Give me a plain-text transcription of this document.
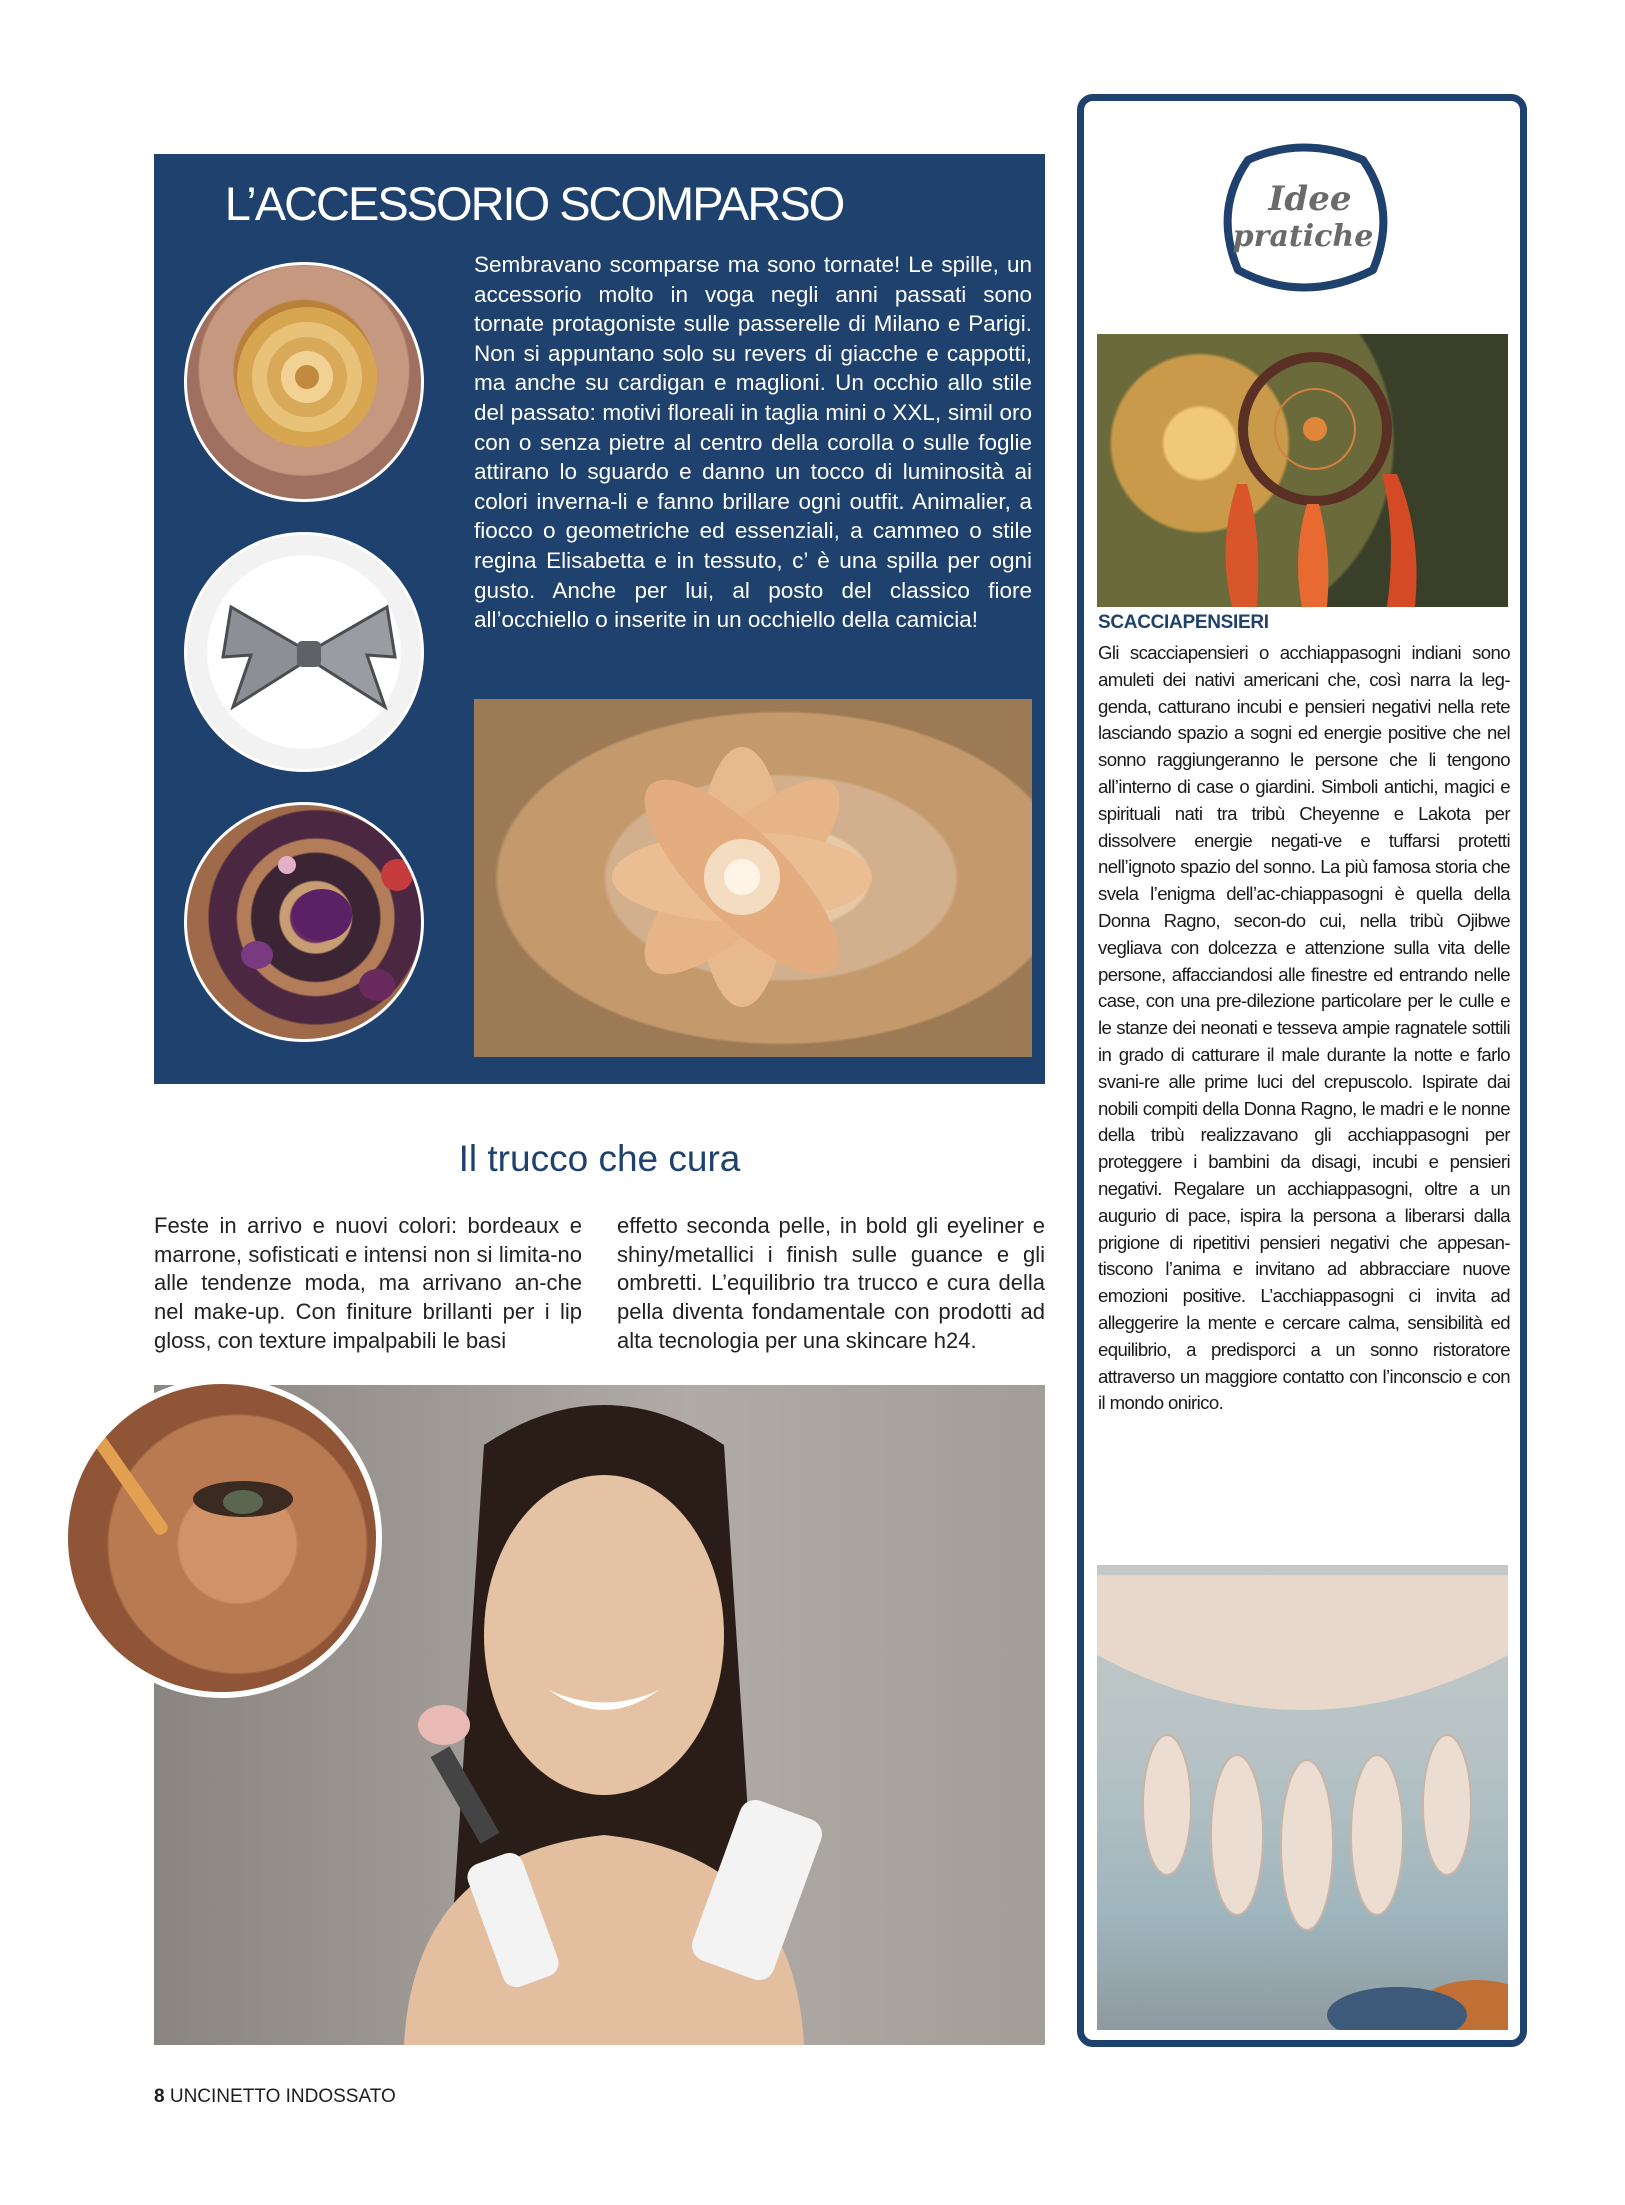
L’ACCESSORIO SCOMPARSO

Sembravano scomparse ma sono tornate! Le spille, un accessorio molto in voga negli anni passati sono tornate protagoniste sulle passerelle di Milano e Parigi. Non si appuntano solo su revers di giacche e cappotti, ma anche su cardigan e maglioni. Un occhio allo stile del passato: motivi floreali in taglia mini o XXL, simil oro con o senza pietre al centro della corolla o sulle foglie attirano lo sguardo e danno un tocco di luminosità ai colori inverna-li e fanno brillare ogni outfit. Animalier, a fiocco o geometriche ed essenziali, a cammeo o stile regina Elisabetta e in tessuto, c’ è una spilla per ogni gusto. Anche per lui, al posto del classico fiore all’occhiello o inserite in un occhiello della camicia!

Il trucco che cura

Feste in arrivo e nuovi colori: bordeaux e marrone, sofisticati e intensi non si limita-no alle tendenze moda, ma arrivano an-che nel make-up. Con finiture brillanti per i lip gloss, con texture impalpabili le basi

effetto seconda pelle, in bold gli eyeliner e shiny/metallici i finish sulle guance e gli ombretti. L’equilibrio tra trucco e cura della pella diventa fondamentale con prodotti ad alta tecnologia per una skincare h24.

Idee
pratiche
SCACCIAPENSIERI

Gli scacciapensieri o acchiappasogni indiani sono amuleti dei nativi americani che, così narra la leg-genda, catturano incubi e pensieri negativi nella rete lasciando spazio a sogni ed energie positive che nel sonno raggiungeranno le persone che li tengono all’interno di case o giardini. Simboli antichi, magici e spirituali nati tra tribù Cheyenne e Lakota per dissolvere energie negati-ve e tuffarsi protetti nell’ignoto spazio del sonno. La più famosa storia che svela l’enigma dell’ac-chiappasogni è quella della Donna Ragno, secon-do cui, nella tribù Ojibwe vegliava con dolcezza e attenzione sulla vita delle persone, affacciandosi alle finestre ed entrando nelle case, con una pre-dilezione particolare per le culle e le stanze dei neonati e tesseva ampie ragnatele sottili in grado di catturare il male durante la notte e farlo svani-re alle prime luci del crepuscolo. Ispirate dai nobili compiti della Donna Ragno, le madri e le nonne della tribù realizzavano gli acchiappasogni per proteggere i bambini da disagi, incubi e pensieri negativi. Regalare un acchiappasogni, oltre a un augurio di pace, ispira la persona a liberarsi dalla prigione di ripetitivi pensieri negativi che appesan-tiscono l’anima e invitano ad abbracciare nuove emozioni positive. L’acchiappasogni ci invita ad alleggerire la mente e cercare calma, sensibilità ed equilibrio, a predisporci a un sonno ristoratore attraverso un maggiore contatto con l’inconscio e con il mondo onirico.

8 UNCINETTO INDOSSATO
